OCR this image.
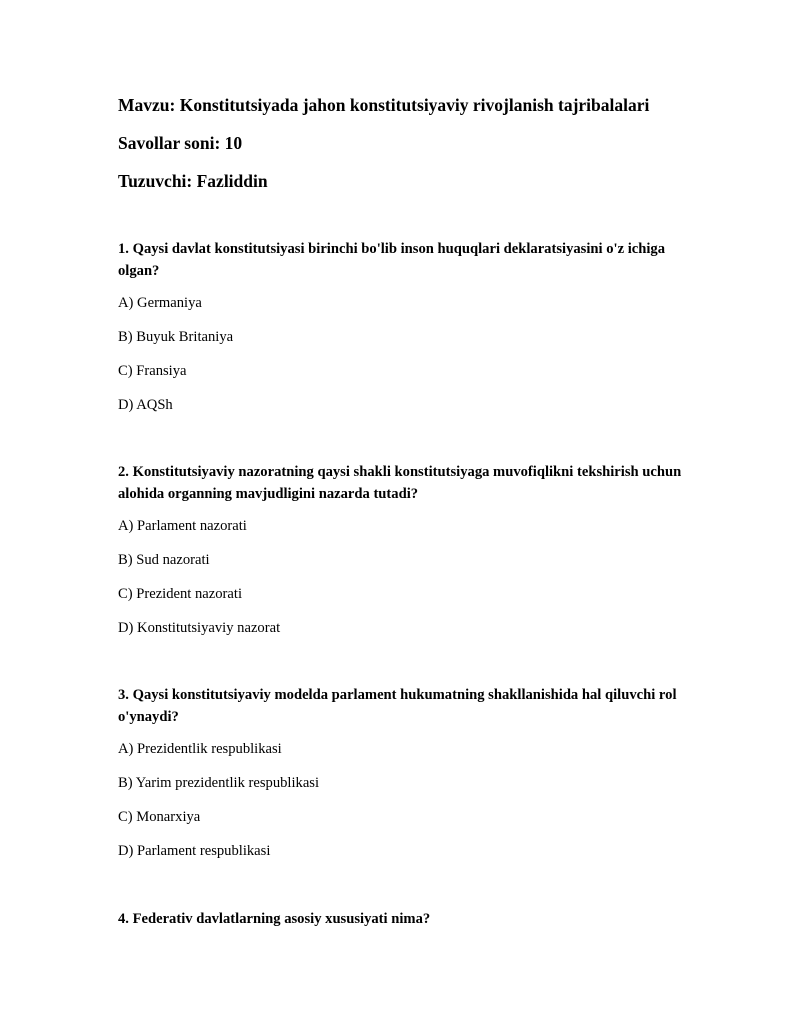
Mavzu: Konstitutsiyada jahon konstitutsiyaviy rivojlanish tajribalalari
Savollar soni: 10
Tuzuvchi: Fazliddin
1. Qaysi davlat konstitutsiyasi birinchi bo'lib inson huquqlari deklaratsiyasini o'z ichiga olgan?
A) Germaniya
B) Buyuk Britaniya
C) Fransiya
D) AQSh
2. Konstitutsiyaviy nazoratning qaysi shakli konstitutsiyaga muvofiqlikni tekshirish uchun alohida organning mavjudligini nazarda tutadi?
A) Parlament nazorati
B) Sud nazorati
C) Prezident nazorati
D) Konstitutsiyaviy nazorat
3. Qaysi konstitutsiyaviy modelda parlament hukumatning shakllanishida hal qiluvchi rol o'ynaydi?
A) Prezidentlik respublikasi
B) Yarim prezidentlik respublikasi
C) Monarxiya
D) Parlament respublikasi
4. Federativ davlatlarning asosiy xususiyati nima?
